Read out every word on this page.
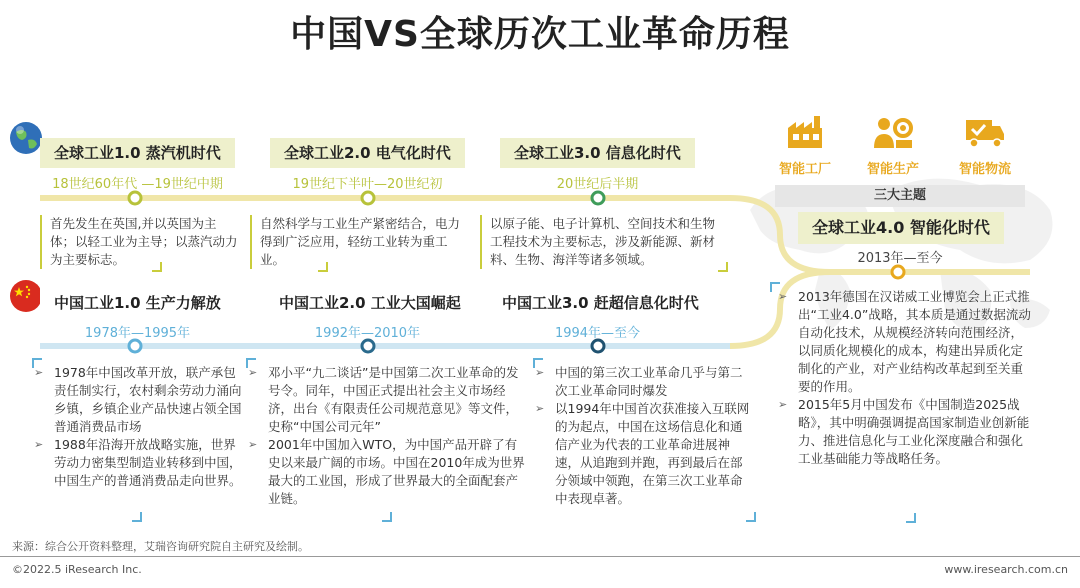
中国VS全球历次工业革命历程
全球工业1.0 蒸汽机时代	全球工业2.0 电气化时代	全球工业3.0 信息化时代
18世纪60年代 —19世纪中期	19世纪下半叶—20世纪初	20世纪后半期
首先发生在英国,并以英国为主体；以轻工业为主导；以蒸汽动力为主要标志。
自然科学与工业生产紧密结合，电力得到广泛应用，轻纺工业转为重工业。
以原子能、电子计算机、空间技术和生物工程技术为主要标志，涉及新能源、新材料、生物、海洋等诸多领域。
中国工业1.0 生产力解放	中国工业2.0 工业大国崛起	中国工业3.0 赶超信息化时代
1978年—1995年	1992年—2010年	1994年—至今
➢ 1978年中国改革开放，联产承包责任制实行，农村剩余劳动力涌向乡镇，乡镇企业产品快速占领全国普通消费品市场
➢ 1988年沿海开放战略实施，世界劳动力密集型制造业转移到中国，中国生产的普通消费品走向世界。
➢ 邓小平“九二谈话”是中国第二次工业革命的发号令。同年，中国正式提出社会主义市场经济，出台《有限责任公司规范意见》等文件，史称“中国公司元年”
➢ 2001年中国加入WTO，为中国产品开辟了有史以来最广阔的市场。中国在2010年成为世界最大的工业国，形成了世界最大的全面配套产业链。
➢ 中国的第三次工业革命几乎与第二次工业革命同时爆发
➢ 以1994年中国首次获准接入互联网的为起点，中国在这场信息化和通信产业为代表的工业革命进展神速，从追跑到并跑，再到最后在部分领域中领跑，在第三次工业革命中表现卓著。
智能工厂	智能生产	智能物流
三大主题
全球工业4.0 智能化时代
2013年—至今
➢ 2013年德国在汉诺威工业博览会上正式推出“工业4.0”战略，其本质是通过数据流动自动化技术，从规模经济转向范围经济，以同质化规模化的成本，构建出异质化定制化的产业，对产业结构改革起到至关重要的作用。
➢ 2015年5月中国发布《中国制造2025战略》，其中明确强调提高国家制造业创新能力、推进信息化与工业化深度融合和强化工业基础能力等战略任务。
来源：综合公开资料整理，艾瑞咨询研究院自主研究及绘制。
©2022.5 iResearch Inc.	www.iresearch.com.cn
